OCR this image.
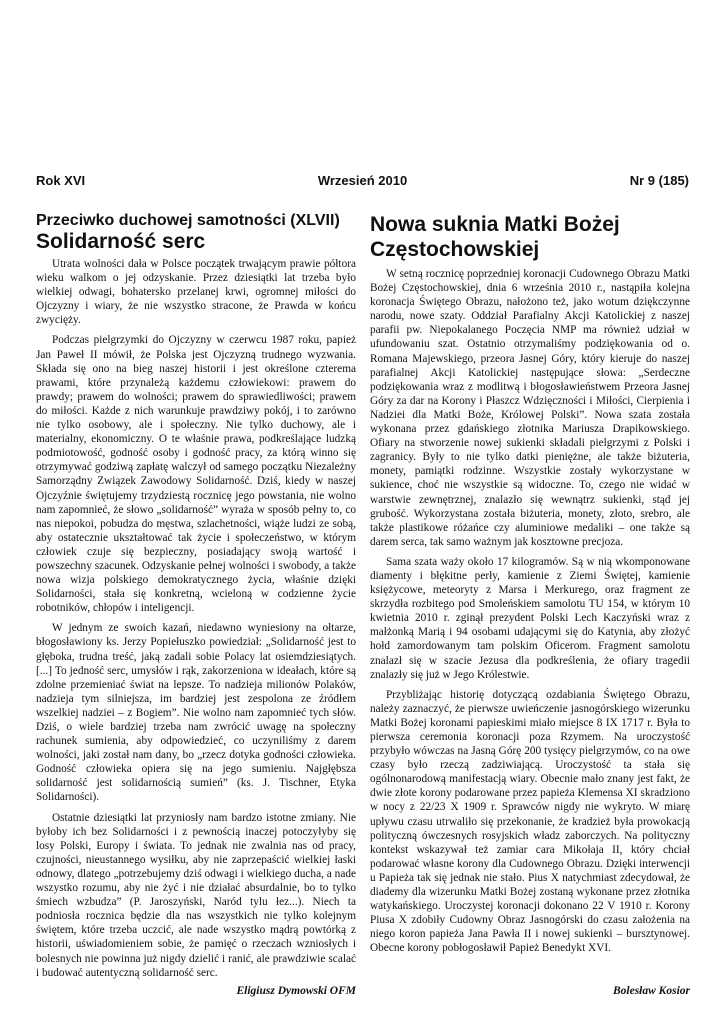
Wrzesień 2010
Rok XVI	Nr 9 (185)
Przeciwko duchowej samotności (XLVII)
Solidarność serc

Utrata wolności dała w Polsce początek trwającym prawie półtora wieku walkom o jej odzyskanie. Przez dziesiątki lat trzeba było wielkiej odwagi, bohatersko przelanej krwi, ogromnej miłości do Ojczyzny i wiary, że nie wszystko stracone, że Prawda w końcu zwycięży.

Podczas pielgrzymki do Ojczyzny w czerwcu 1987 roku, papież Jan Paweł II mówił, że Polska jest Ojczyzną trudnego wyzwania. Składa się ono na bieg naszej historii i jest określone czterema prawami, które przynależą każdemu człowiekowi: prawem do prawdy; prawem do wolności; prawem do sprawiedliwości; prawem do miłości. Każde z nich warunkuje prawdziwy pokój, i to zarówno nie tylko osobowy, ale i społeczny. Nie tylko duchowy, ale i materialny, ekonomiczny. O te właśnie prawa, podkreślające ludzką podmiotowość, godność osoby i godność pracy, za którą winno się otrzymywać godziwą zapłatę walczył od samego początku Niezależny Samorządny Związek Zawodowy Solidarność. Dziś, kiedy w naszej Ojczyźnie świętujemy trzydziestą rocznicę jego powstania, nie wolno nam zapomnieć, że słowo „solidarność” wyraża w sposób pełny to, co nas niepokoi, pobudza do męstwa, szlachetności, wiąże ludzi ze sobą, aby ostatecznie ukształtować tak życie i społeczeństwo, w którym człowiek czuje się bezpieczny, posiadający swoją wartość i powszechny szacunek. Odzyskanie pełnej wolności i swobody, a także nowa wizja polskiego demokratycznego życia, właśnie dzięki Solidarności, stała się konkretną, wcieloną w codzienne życie robotników, chłopów i inteligencji.

W jednym ze swoich kazań, niedawno wyniesiony na ołtarze, błogosławiony ks. Jerzy Popiełuszko powiedział: „Solidarność jest to głęboka, trudna treść, jaką zadali sobie Polacy lat osiemdziesiątych. [...] To jedność serc, umysłów i rąk, zakorzeniona w ideałach, które są zdolne przemieniać świat na lepsze. To nadzieja milionów Polaków, nadzieja tym silniejsza, im bardziej jest zespolona ze źródłem wszelkiej nadziei – z Bogiem”. Nie wolno nam zapomnieć tych słów. Dziś, o wiele bardziej trzeba nam zwrócić uwagę na społeczny rachunek sumienia, aby odpowiedzieć, co uczyniliśmy z darem wolności, jaki został nam dany, bo „rzecz dotyka godności człowieka. Godność człowieka opiera się na jego sumieniu. Najgłębsza solidarność jest solidarnością sumień” (ks. J. Tischner, Etyka Solidarności).

Ostatnie dziesiątki lat przyniosły nam bardzo istotne zmiany. Nie byłoby ich bez Solidarności i z pewnością inaczej potoczyłyby się losy Polski, Europy i świata. To jednak nie zwalnia nas od pracy, czujności, nieustannego wysiłku, aby nie zaprzepaścić wielkiej łaski odnowy, dlatego „potrzebujemy dziś odwagi i wielkiego ducha, a nade wszystko rozumu, aby nie żyć i nie działać absurdalnie, bo to tylko śmiech wzbudza” (P. Jaroszyński, Naród tylu łez...). Niech ta podniosła rocznica będzie dla nas wszystkich nie tylko kolejnym świętem, które trzeba uczcić, ale nade wszystko mądrą powtórką z historii, uświadomieniem sobie, że pamięć o rzeczach wzniosłych i bolesnych nie powinna już nigdy dzielić i ranić, ale prawdziwie scalać i budować autentyczną solidarność serc.

Nowa suknia Matki Bożej
Częstochowskiej

W setną rocznicę poprzedniej koronacji Cudownego Obrazu Matki Bożej Częstochowskiej, dnia 6 września 2010 r., nastąpiła kolejna koronacja Świętego Obrazu, nałożono też, jako wotum dziękczynne narodu, nowe szaty. Oddział Parafialny Akcji Katolickiej z naszej parafii pw. Niepokalanego Poczęcia NMP ma również udział w ufundowaniu szat. Ostatnio otrzymaliśmy podziękowania od o. Romana Majewskiego, przeora Jasnej Góry, który kieruje do naszej parafialnej Akcji Katolickiej następujące słowa: „Serdeczne podziękowania wraz z modlitwą i błogosławieństwem Przeora Jasnej Góry za dar na Korony i Płaszcz Wdzięczności i Miłości, Cierpienia i Nadziei dla Matki Boże, Królowej Polski”. Nowa szata została wykonana przez gdańskiego złotnika Mariusza Drapikowskiego. Ofiary na stworzenie nowej sukienki składali pielgrzymi z Polski i zagranicy. Były to nie tylko datki pieniężne, ale także biżuteria, monety, pamiątki rodzinne. Wszystkie zostały wykorzystane w sukience, choć nie wszystkie są widoczne. To, czego nie widać w warstwie zewnętrznej, znalazło się wewnątrz sukienki, stąd jej grubość. Wykorzystana została biżuteria, monety, złoto, srebro, ale także plastikowe różańce czy aluminiowe medaliki – one także są darem serca, tak samo ważnym jak kosztowne precjoza.

Sama szata waży około 17 kilogramów. Są w nią wkomponowane diamenty i błękitne perły, kamienie z Ziemi Świętej, kamienie księżycowe, meteoryty z Marsa i Merkurego, oraz fragment ze skrzydła rozbitego pod Smoleńskiem samolotu TU 154, w którym 10 kwietnia 2010 r. zginął prezydent Polski Lech Kaczyński wraz z małżonką Marią i 94 osobami udającymi się do Katynia, aby złożyć hołd zamordowanym tam polskim Oficerom. Fragment samolotu znalazł się w szacie Jezusa dla podkreślenia, że ofiary tragedii znalazły się już w Jego Królestwie.

Przybliżając historię dotyczącą ozdabiania Świętego Obrazu, należy zaznaczyć, że pierwsze uwieńczenie jasnogórskiego wizerunku Matki Bożej koronami papieskimi miało miejsce 8 IX 1717 r. Była to pierwsza ceremonia koronacji poza Rzymem. Na uroczystość przybyło wówczas na Jasną Górę 200 tysięcy pielgrzymów, co na owe czasy było rzeczą zadziwiającą. Uroczystość ta stała się ogólnonarodową manifestacją wiary. Obecnie mało znany jest fakt, że dwie złote korony podarowane przez papieża Klemensa XI skradziono w nocy z 22/23 X 1909 r. Sprawców nigdy nie wykryto. W miarę upływu czasu utrwaliło się przekonanie, że kradzież była prowokacją polityczną ówczesnych rosyjskich władz zaborczych. Na polityczny kontekst wskazywał też zamiar cara Mikołaja II, który chciał podarować własne korony dla Cudownego Obrazu. Dzięki interwencji u Papieża tak się jednak nie stało. Pius X natychmiast zdecydował, że diademy dla wizerunku Matki Bożej zostaną wykonane przez złotnika watykańskiego. Uroczystej koronacji dokonano 22 V 1910 r. Korony Piusa X zdobiły Cudowny Obraz Jasnogórski do czasu założenia na niego koron papieża Jana Pawła II i nowej sukienki – bursztynowej. Obecne korony pobłogosławił Papież Benedykt XVI.

Eligiusz Dymowski OFM	Bolesław Kosior
